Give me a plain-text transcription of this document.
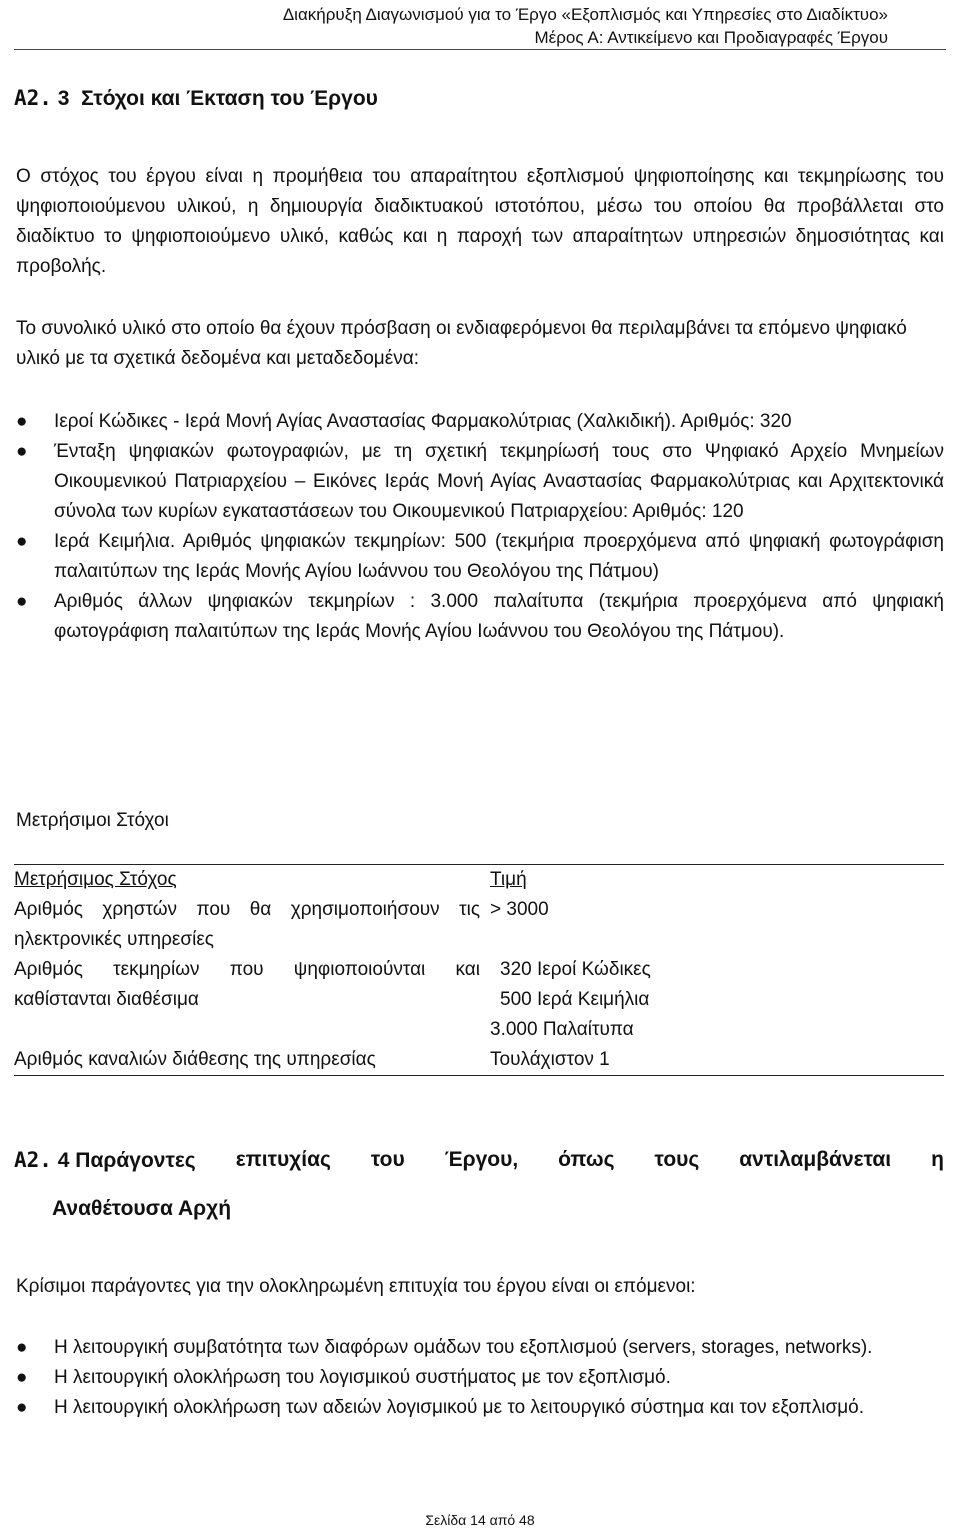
Διακήρυξη Διαγωνισμού για το Έργο «Εξοπλισμός και Υπηρεσίες στο Διαδίκτυο»
Μέρος Α: Αντικείμενο και Προδιαγραφές Έργου
A2. 3 Στόχοι και Έκταση του Έργου

Ο στόχος του έργου είναι η προμήθεια του απαραίτητου εξοπλισμού ψηφιοποίησης και τεκμηρίωσης του ψηφιοποιούμενου υλικού, η δημιουργία διαδικτυακού ιστοτόπου, μέσω του οποίου θα προβάλλεται στο διαδίκτυο το ψηφιοποιούμενο υλικό, καθώς και η παροχή των απαραίτητων υπηρεσιών δημοσιότητας και προβολής.

Το συνολικό υλικό στο οποίο θα έχουν πρόσβαση οι ενδιαφερόμενοι θα περιλαμβάνει τα επόμενο ψηφιακό υλικό με τα σχετικά δεδομένα και μεταδεδομένα:

● Ιεροί Κώδικες - Ιερά Μονή Αγίας Αναστασίας Φαρμακολύτριας (Χαλκιδική). Αριθμός: 320
● Ένταξη ψηφιακών φωτογραφιών, με τη σχετική τεκμηρίωσή τους στο Ψηφιακό Αρχείο Μνημείων Οικουμενικού Πατριαρχείου – Εικόνες Ιεράς Μονή Αγίας Αναστασίας Φαρμακολύτριας και Αρχιτεκτονικά σύνολα των κυρίων εγκαταστάσεων του Οικουμενικού Πατριαρχείου: Αριθμός: 120
● Ιερά Κειμήλια. Αριθμός ψηφιακών τεκμηρίων: 500 (τεκμήρια προερχόμενα από ψηφιακή φωτογράφιση παλαιτύπων της Ιεράς Μονής Αγίου Ιωάννου του Θεολόγου της Πάτμου)
● Αριθμός άλλων ψηφιακών τεκμηρίων : 3.000 παλαίτυπα (τεκμήρια προερχόμενα από ψηφιακή φωτογράφιση παλαιτύπων της Ιεράς Μονής Αγίου Ιωάννου του Θεολόγου της Πάτμου).

Μετρήσιμοι Στόχοι

Μετρήσιμος Στόχος	Τιμή
Αριθμός χρηστών που θα χρησιμοποιήσουν τις ηλεκτρονικές υπηρεσίες
> 3000
Αριθμός τεκμηρίων που ψηφιοποιούνται και καθίστανται διαθέσιμα
320 Ιεροί Κώδικες
500 Ιερά Κειμήλια
3.000 Παλαίτυπα
Αριθμός καναλιών διάθεσης της υπηρεσίας	Τουλάχιστον 1
A2. 4 Παράγοντες επιτυχίας του Έργου, όπως τους αντιλαμβάνεται η
Αναθέτουσα Αρχή

Κρίσιμοι παράγοντες για την ολοκληρωμένη επιτυχία του έργου είναι οι επόμενοι:

● Η λειτουργική συμβατότητα των διαφόρων ομάδων του εξοπλισμού (servers, storages, networks).
● Η λειτουργική ολοκλήρωση του λογισμικού συστήματος με τον εξοπλισμό.
● Η λειτουργική ολοκλήρωση των αδειών λογισμικού με το λειτουργικό σύστημα και τον εξοπλισμό.
Σελίδα 14 από 48
